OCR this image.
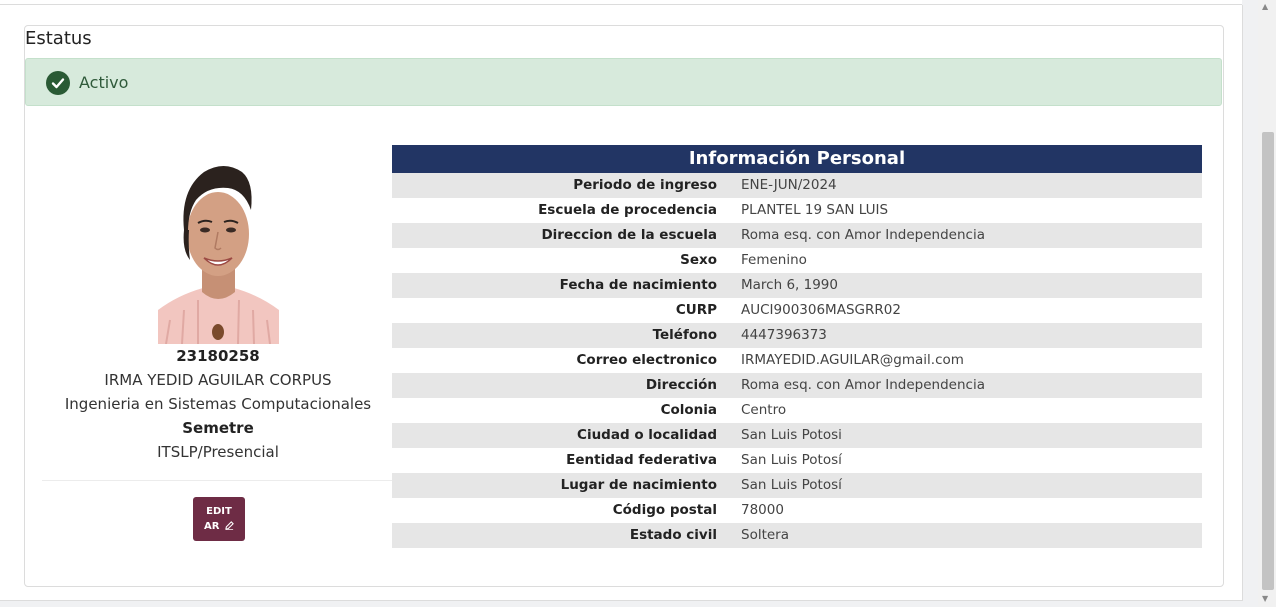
Estatus
Activo
23180258
IRMA YEDID AGUILAR CORPUS
Ingenieria en Sistemas Computacionales
Semetre
ITSLP/Presencial
EDIT
AR
Información Personal
Periodo de ingreso	ENE-JUN/2024
Escuela de procedencia	PLANTEL 19 SAN LUIS
Direccion de la escuela	Roma esq. con Amor Independencia
Sexo	Femenino
Fecha de nacimiento	March 6, 1990
CURP	AUCI900306MASGRR02
Teléfono	4447396373
Correo electronico	IRMAYEDID.AGUILAR@gmail.com
Dirección	Roma esq. con Amor Independencia
Colonia	Centro
Ciudad o localidad	San Luis Potosi
Eentidad federativa	San Luis Potosí
Lugar de nacimiento	San Luis Potosí
Código postal	78000
Estado civil	Soltera
▲
▼
